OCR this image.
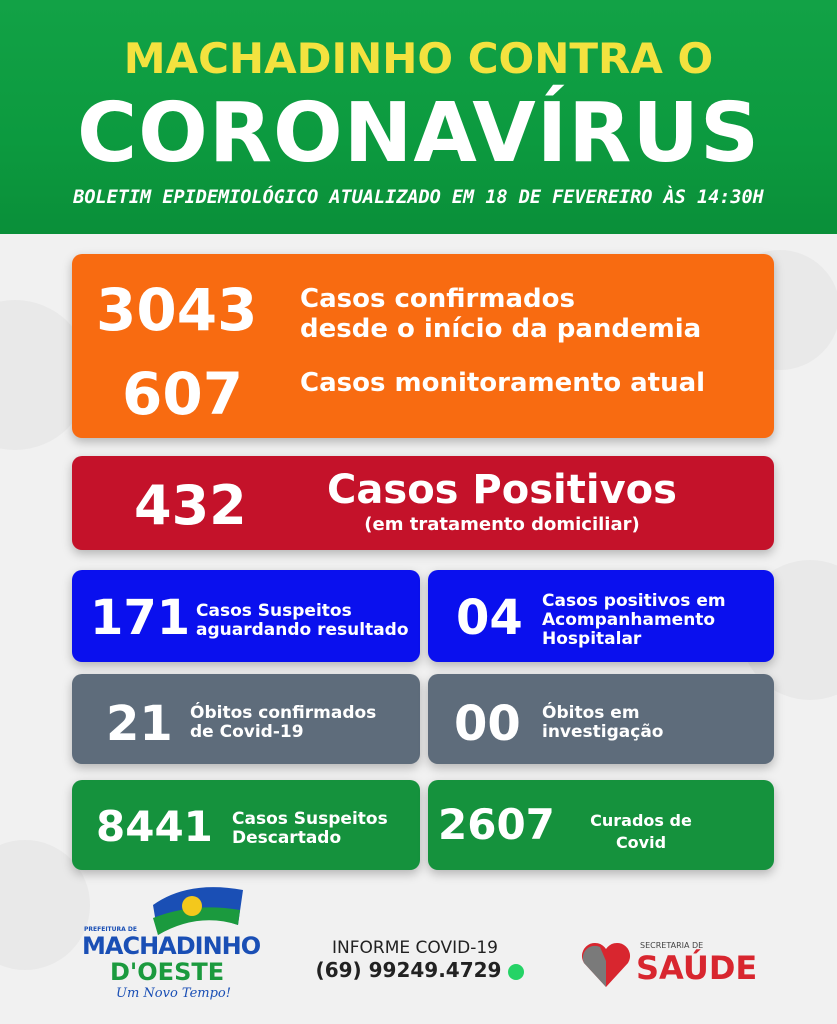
MACHADINHO CONTRA O
CORONAVÍRUS
BOLETIM EPIDEMIOLÓGICO ATUALIZADO EM 18 DE FEVEREIRO ÀS 14:30H
3043 Casos confirmados
desde o início da pandemia
607 Casos monitoramento atual
432	Casos Positivos
(em tratamento domiciliar)
171 Casos Suspeitos
aguardando resultado 04 Casos positivos em
Acompanhamento
Hospitalar
21 Óbitos confirmados
de Covid-19	00 Óbitos em
investigação
8441 Casos Suspeitos
Descartado	2607 Curados de
Covid
PREFEITURA DE
MACHADINHO
D'OESTE
Um Novo Tempo!
INFORME COVID-19
(69) 99249.4729
SECRETARIA DE
SAÚDE
